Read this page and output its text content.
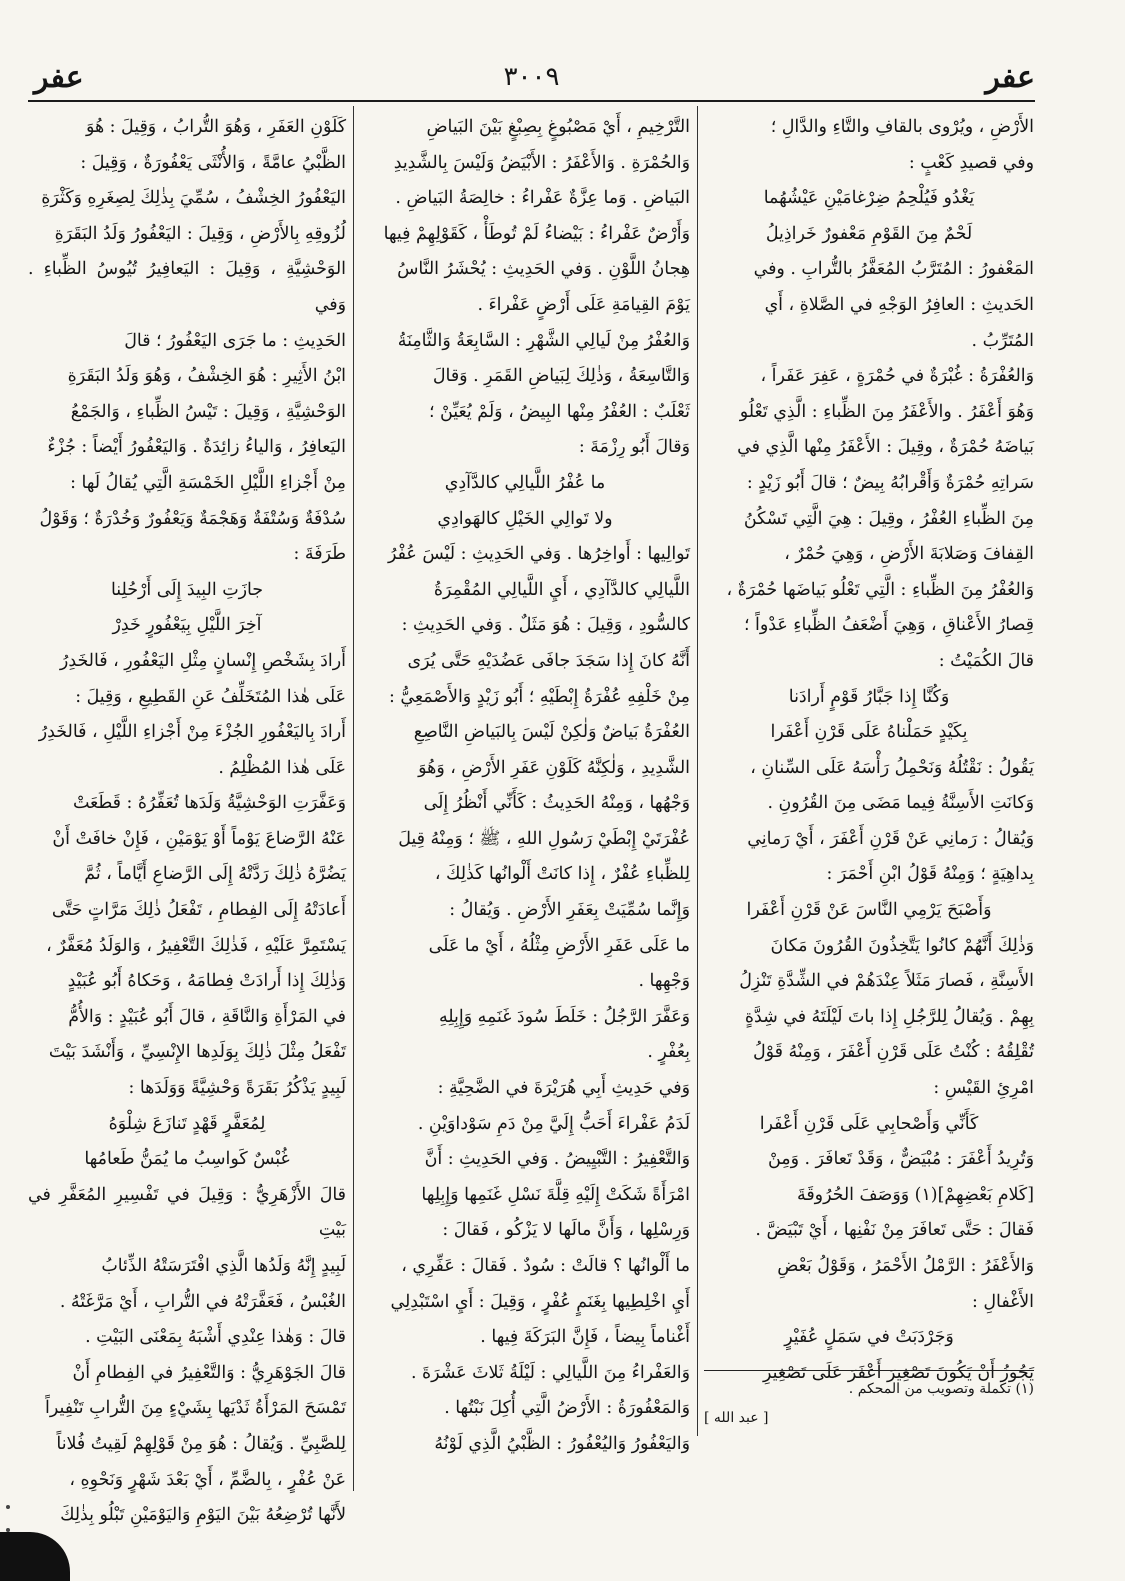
عفر
٣٠٠٩
عفر

الأَرْضِ ، ويُرْوى بالقافِ والتَّاءِ والدَّالِ ؛

وفي قصيدِ كَعْبٍ :

يَغْدُو فَيُلْحِمُ ضِرْغامَيْنِ عَيْشُهُما

لَحْمٌ مِنَ القَوْمِ مَعْفورٌ خَراذِيلُ

المَعْفورُ : المُتَرَّبُ المُعَفَّرُ بالتُّرابِ . وفي

الحَديثِ : العافِرُ الوَجْهِ في الصَّلاةِ ، أَي

المُتَرِّبُ .

وَالعُفْرَةُ : غُبْرَةٌ في حُمْرَةٍ ، عَفِرَ عَفَراً ،

وَهُوَ أَعْفَرُ . والأَعْفَرُ مِنَ الظِّباءِ : الَّذِي تَعْلُو

بَياضَهُ حُمْرَةٌ ، وقِيلَ : الأَعْفَرُ مِنْها الَّذِي في

سَراتِهِ حُمْرَةٌ وَأَقْرابُهُ بِيضٌ ؛ قالَ أَبُو زَيْدٍ :

مِنَ الظِّباءِ العُفْرُ ، وقِيلَ : هِيَ الَّتِي تَسْكُنُ

القِفافَ وَصَلابَةَ الأَرْضِ ، وَهِيَ حُمْرٌ ،

وَالعُفْرُ مِنَ الظِّباءِ : الَّتِي تَعْلُو بَياضَها حُمْرَةٌ ،

قِصارُ الأَعْناقِ ، وَهِيَ أَضْعَفُ الظِّباءِ عَدْواً ؛

قالَ الكُمَيْتُ :

وَكُنَّا إِذا جَبَّارُ قَوْمٍ أَرادَنا

بِكَيْدٍ حَمَلْناهُ عَلَى قَرْنِ أَعْفَرا

يَقُولُ : نَقْتُلُهُ وَنَحْمِلُ رَأْسَهُ عَلَى السِّنانِ ،

وَكانَتِ الأَسِنَّةُ فِيما مَضَى مِنَ القُرُونِ .

وَيُقالُ : رَمانِي عَنْ قَرْنِ أَعْفَرَ ، أَيْ رَمانِي

بِداهِيَةٍ ؛ وَمِنْهُ قَوْلُ ابْنِ أَحْمَرَ :

وَأَصْبَحَ يَرْمِي النَّاسَ عَنْ قَرْنِ أَعْفَرا

وَذٰلِكَ أَنَّهُمْ كانُوا يَتَّخِذُونَ القُرُونَ مَكانَ

الأَسِنَّةِ ، فَصارَ مَثَلاً عِنْدَهُمْ في الشِّدَّةِ تَنْزِلُ

بِهِمْ . وَيُقالُ لِلرَّجُلِ إِذا باتَ لَيْلَتَهُ في شِدَّةٍ

تُقْلِقُهُ : كُنْتُ عَلَى قَرْنِ أَعْفَرَ ، وَمِنْهُ قَوْلُ

امْرِئِ القَيْسِ :

كَأَنِّي وَأَصْحابِي عَلَى قَرْنِ أَعْفَرا

وَتُرِيدُ أَعْفَرَ : مُبْيَضٌّ ، وَقَدْ تَعافَرَ . وَمِنْ

[كَلامِ بَعْضِهِمْ](١) وَوَصَفَ الحُرُوقَةَ

فَقالَ : حَتَّى تَعافَرَ مِنْ نَفْنِها ، أَيْ تَبْيَضَّ .

وَالأَعْفَرُ : الرَّمْلُ الأَحْمَرُ ، وَقَوْلُ بَعْضِ

الأَغْفالِ :

وَجَرْدَبَتْ في سَمَلٍ عُفَيْرٍ

يَجُوزُ أَنْ يَكُونَ تَصْغِيرَ أَعْفَرَ عَلَى تَصْغِيرِ

التَّرْخِيمِ ، أَيْ مَصْبُوغٍ بِصِبْغٍ بَيْنَ البَياضِ

وَالحُمْرَةِ . وَالأَعْفَرُ : الأَبْيَضُ وَلَيْسَ بِالشَّدِيدِ

البَياضِ . وَما عِزَّةٌ عَفْراءُ : خالِصَةُ البَياضِ .

وَأَرْضٌ عَفْراءُ : بَيْضاءُ لَمْ تُوطَأْ ، كَقَوْلِهِمْ فِيها

هِجانُ اللَّوْنِ . وَفي الحَدِيثِ : يُحْشَرُ النَّاسُ

يَوْمَ القِيامَةِ عَلَى أَرْضٍ عَفْراءَ .

وَالعُفْرُ مِنْ لَيالِي الشَّهْرِ : السَّابِعَةُ وَالثَّامِنَةُ

وَالتَّاسِعَةُ ، وَذٰلِكَ لِبَياضِ القَمَرِ . وَقالَ

ثَعْلَبٌ : العُفْرُ مِنْها البِيضُ ، وَلَمْ يُعَيِّنْ ؛

وَقالَ أَبُو رِزْمَةَ :

ما عُفْرُ اللَّيالِي كالدَّآدِي

ولا تَوالِي الخَيْلِ كالهَوادِي

تَوالِيها : أَواخِرُها . وَفي الحَدِيثِ : لَيْسَ عُفْرُ

اللَّيالِي كالدَّآدِي ، أَيِ اللَّيالِي المُقْمِرَةُ

كالسُّودِ ، وَقِيلَ : هُوَ مَثَلٌ . وَفي الحَدِيثِ :

أَنَّهُ كانَ إِذا سَجَدَ جافَى عَضُدَيْهِ حَتَّى يُرَى

مِنْ خَلْفِهِ عُفْرَةُ إِبْطَيْهِ ؛ أَبُو زَيْدٍ وَالأَصْمَعِيُّ :

العُفْرَةُ بَياضٌ وَلٰكِنْ لَيْسَ بِالبَياضِ النَّاصِعِ

الشَّدِيدِ ، وَلٰكِنَّهُ كَلَوْنِ عَفَرِ الأَرْضِ ، وَهُوَ

وَجْهُها ، وَمِنْهُ الحَدِيثُ : كَأَنِّي أَنْظُرُ إِلَى

عُفْرَتَيْ إِبْطَيْ رَسُولِ اللهِ ، ﷺ ؛ وَمِنْهُ قِيلَ

لِلظِّباءِ عُفْرٌ ، إِذا كانَتْ أَلْوانُها كَذٰلِكَ ،

وَإِنَّما سُمِّيَتْ بِعَفَرِ الأَرْضِ . وَيُقالُ :

ما عَلَى عَفَرِ الأَرْضِ مِثْلُهُ ، أَيْ ما عَلَى

وَجْهِها .

وَعَفَّرَ الرَّجُلُ : خَلَطَ سُودَ غَنَمِهِ وَإِبِلِهِ

بِعُفْرٍ .

وَفي حَدِيثِ أَبِي هُرَيْرَةَ في الضَّحِيَّةِ :

لَدَمُ عَفْراءَ أَحَبُّ إِلَيَّ مِنْ دَمِ سَوْداوَيْنِ .

وَالتَّعْفِيرُ : التَّبْيِيضُ . وَفي الحَدِيثِ : أَنَّ

امْرَأَةً شَكَتْ إِلَيْهِ قِلَّةَ نَسْلِ غَنَمِها وَإِبِلِها

وَرِسْلِها ، وَأَنَّ مالَها لا يَزْكُو ، فَقالَ :

ما أَلْوانُها ؟ قالَتْ : سُودٌ . فَقالَ : عَفِّرِي ،

أَيِ اخْلِطِيها بِغَنَمٍ عُفْرٍ ، وَقِيلَ : أَيِ اسْتَبْدِلِي

أَغْناماً بِيضاً ، فَإِنَّ البَرَكَةَ فِيها .

وَالعَفْراءُ مِنَ اللَّيالِي : لَيْلَةُ ثَلاثَ عَشْرَةَ .

وَالمَعْفُورَةُ : الأَرْضُ الَّتِي أُكِلَ نَبْتُها .

وَاليَعْفُورُ وَاليُعْفُورُ : الظَّبْيُ الَّذِي لَوْنُهُ

كَلَوْنِ العَفَرِ ، وَهُوَ التُّرابُ ، وَقِيلَ : هُوَ

الظَّبْيُ عامَّةً ، وَالأُنْثَى يَعْفُورَةٌ ، وَقِيلَ :

اليَعْفُورُ الخِشْفُ ، سُمِّيَ بِذٰلِكَ لِصِغَرِهِ وَكَثْرَةِ

لُزُوقِهِ بِالأَرْضِ ، وَقِيلَ : اليَعْفُورُ وَلَدُ البَقَرَةِ

الوَحْشِيَّةِ ، وَقِيلَ : اليَعافِيرُ تُيُوسُ الظِّباءِ . وَفي

الحَدِيثِ : ما جَرَى اليَعْفُورُ ؛ قالَ

ابْنُ الأَثِيرِ : هُوَ الخِشْفُ ، وَهُوَ وَلَدُ البَقَرَةِ

الوَحْشِيَّةِ ، وَقِيلَ : تَيْسُ الظِّباءِ ، وَالجَمْعُ

اليَعافِرُ ، وَالياءُ زائِدَةٌ . وَاليَعْفُورُ أَيْضاً : جُزْءٌ

مِنْ أَجْزاءِ اللَّيْلِ الخَمْسَةِ الَّتِي يُقالُ لَها :

سُدْفَةٌ وَسُتْفَةٌ وَهَجْمَةٌ وَيَعْفُورٌ وَخُدْرَةٌ ؛ وَقَوْلُ

طَرَفَةَ :

جازَتِ البِيدَ إِلَى أَرْحُلِنا

آخِرَ اللَّيْلِ بِيَعْفُورٍ خَدِرْ

أَرادَ بِشَخْصِ إِنْسانٍ مِثْلِ اليَعْفُورِ ، فَالخَدِرُ

عَلَى هٰذا المُتَخَلِّفُ عَنِ القَطِيعِ ، وَقِيلَ :

أَرادَ بِاليَعْفُورِ الجُزْءَ مِنْ أَجْزاءِ اللَّيْلِ ، فَالخَدِرُ

عَلَى هٰذا المُظْلِمُ .

وَعَفَّرَتِ الوَحْشِيَّةُ وَلَدَها تُعَفِّرُهُ : قَطَعَتْ

عَنْهُ الرَّضاعَ يَوْماً أَوْ يَوْمَيْنِ ، فَإِنْ خافَتْ أَنْ

يَضُرَّهُ ذٰلِكَ رَدَّتْهُ إِلَى الرَّضاعِ أَيَّاماً ، ثُمَّ

أَعادَتْهُ إِلَى الفِطامِ ، تَفْعَلُ ذٰلِكَ مَرَّاتٍ حَتَّى

يَسْتَمِرَّ عَلَيْهِ ، فَذٰلِكَ التَّعْفِيرُ ، وَالوَلَدُ مُعَفَّرٌ ،

وَذٰلِكَ إِذا أَرادَتْ فِطامَهُ ، وَحَكاهُ أَبُو عُبَيْدٍ

في المَرْأَةِ وَالنَّاقَةِ ، قالَ أَبُو عُبَيْدٍ : وَالأُمُّ

تَفْعَلُ مِثْلَ ذٰلِكَ بِوَلَدِها الإِنْسِيِّ ، وَأَنْشَدَ بَيْتَ

لَبِيدٍ يَذْكُرُ بَقَرَةً وَحْشِيَّةً وَوَلَدَها :

لِمُعَفَّرٍ قَهْدٍ تَنازَعَ شِلْوَهُ

غُبْسٌ كَواسِبُ ما يُمَنُّ طَعامُها

قالَ الأَزْهَرِيُّ : وَقِيلَ في تَفْسِيرِ المُعَفَّرِ في بَيْتِ

لَبِيدٍ إِنَّهُ وَلَدُها الَّذِي افْتَرَسَتْهُ الذِّئابُ

الغُبْسُ ، فَعَفَّرَتْهُ في التُّرابِ ، أَيْ مَرَّغَتْهُ .

قالَ : وَهٰذا عِنْدِي أَشْبَهُ بِمَعْنَى البَيْتِ .

قالَ الجَوْهَرِيُّ : وَالتَّعْفِيرُ في الفِطامِ أَنْ

تَمْسَحَ المَرْأَةُ ثَدْيَها بِشَيْءٍ مِنَ التُّرابِ تَنْفِيراً

لِلصَّبِيِّ . وَيُقالُ : هُوَ مِنْ قَوْلِهِمْ لَقِيتُ فُلاناً

عَنْ عُفْرٍ ، بِالضَّمِّ ، أَيْ بَعْدَ شَهْرٍ وَنَحْوِهِ ،

لأَنَّها تُرْضِعُهُ بَيْنَ اليَوْمِ وَاليَوْمَيْنِ تَبْلُو بِذٰلِكَ

(١) تكملة وتصويب من المحكم .
[ عبد الله ]
